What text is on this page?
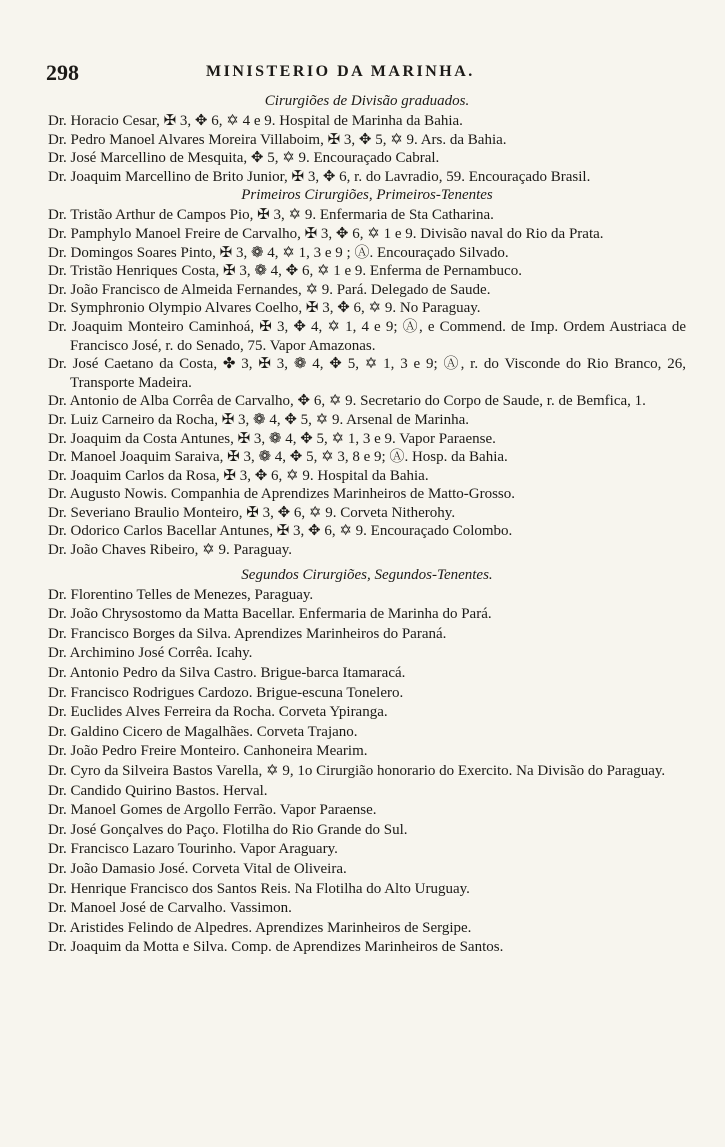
298	MINISTERIO DA MARINHA.
Cirurgiões de Divisão graduados.
Dr. Horacio Cesar, ✠ 3, ✥ 6, ✡ 4 e 9. Hospital de Marinha da Bahia.
Dr. Pedro Manoel Alvares Moreira Villaboim, ✠ 3, ✥ 5, ✡ 9. Ars. da Bahia.
Dr. José Marcellino de Mesquita, ✥ 5, ✡ 9. Encouraçado Cabral.
Dr. Joaquim Marcellino de Brito Junior, ✠ 3, ✥ 6, r. do Lavradio, 59. Encouraçado Brasil.
Primeiros Cirurgiões, Primeiros-Tenentes
Dr. Tristão Arthur de Campos Pio, ✠ 3, ✡ 9. Enfermaria de Sta Catharina.
Dr. Pamphylo Manoel Freire de Carvalho, ✠ 3, ✥ 6, ✡ 1 e 9. Divisão naval do Rio da Prata.
Dr. Domingos Soares Pinto, ✠ 3, ❁ 4, ✡ 1, 3 e 9 ; Ⓐ. Encouraçado Silvado.
Dr. Tristão Henriques Costa, ✠ 3, ❁ 4, ✥ 6, ✡ 1 e 9. Enferma de Pernambuco.
Dr. João Francisco de Almeida Fernandes, ✡ 9. Pará. Delegado de Saude.
Dr. Symphronio Olympio Alvares Coelho, ✠ 3, ✥ 6, ✡ 9. No Paraguay.
Dr. Joaquim Monteiro Caminhoá, ✠ 3, ✥ 4, ✡ 1, 4 e 9; Ⓐ, e Commend. de Imp. Ordem Austriaca de Francisco José, r. do Senado, 75. Vapor Amazonas.
Dr. José Caetano da Costa, ✤ 3, ✠ 3, ❁ 4, ✥ 5, ✡ 1, 3 e 9; Ⓐ, r. do Visconde do Rio Branco, 26, Transporte Madeira.
Dr. Antonio de Alba Corrêa de Carvalho, ✥ 6, ✡ 9. Secretario do Corpo de Saude, r. de Bemfica, 1.
Dr. Luiz Carneiro da Rocha, ✠ 3, ❁ 4, ✥ 5, ✡ 9. Arsenal de Marinha.
Dr. Joaquim da Costa Antunes, ✠ 3, ❁ 4, ✥ 5, ✡ 1, 3 e 9. Vapor Paraense.
Dr. Manoel Joaquim Saraiva, ✠ 3, ❁ 4, ✥ 5, ✡ 3, 8 e 9; Ⓐ. Hosp. da Bahia.
Dr. Joaquim Carlos da Rosa, ✠ 3, ✥ 6, ✡ 9. Hospital da Bahia.
Dr. Augusto Nowis. Companhia de Aprendizes Marinheiros de Matto-Grosso.
Dr. Severiano Braulio Monteiro, ✠ 3, ✥ 6, ✡ 9. Corveta Nitherohy.
Dr. Odorico Carlos Bacellar Antunes, ✠ 3, ✥ 6, ✡ 9. Encouraçado Colombo.
Dr. João Chaves Ribeiro, ✡ 9. Paraguay.
Segundos Cirurgiões, Segundos-Tenentes.
Dr. Florentino Telles de Menezes, Paraguay.
Dr. João Chrysostomo da Matta Bacellar. Enfermaria de Marinha do Pará.
Dr. Francisco Borges da Silva. Aprendizes Marinheiros do Paraná.
Dr. Archimino José Corrêa. Icahy.
Dr. Antonio Pedro da Silva Castro. Brigue-barca Itamaracá.
Dr. Francisco Rodrigues Cardozo. Brigue-escuna Tonelero.
Dr. Euclides Alves Ferreira da Rocha. Corveta Ypiranga.
Dr. Galdino Cicero de Magalhães. Corveta Trajano.
Dr. João Pedro Freire Monteiro. Canhoneira Mearim.
Dr. Cyro da Silveira Bastos Varella, ✡ 9, 1o Cirurgião honorario do Exercito. Na Divisão do Paraguay.
Dr. Candido Quirino Bastos. Herval.
Dr. Manoel Gomes de Argollo Ferrão. Vapor Paraense.
Dr. José Gonçalves do Paço. Flotilha do Rio Grande do Sul.
Dr. Francisco Lazaro Tourinho. Vapor Araguary.
Dr. João Damasio José. Corveta Vital de Oliveira.
Dr. Henrique Francisco dos Santos Reis. Na Flotilha do Alto Uruguay.
Dr. Manoel José de Carvalho. Vassimon.
Dr. Aristides Felindo de Alpedres. Aprendizes Marinheiros de Sergipe.
Dr. Joaquim da Motta e Silva. Comp. de Aprendizes Marinheiros de Santos.
